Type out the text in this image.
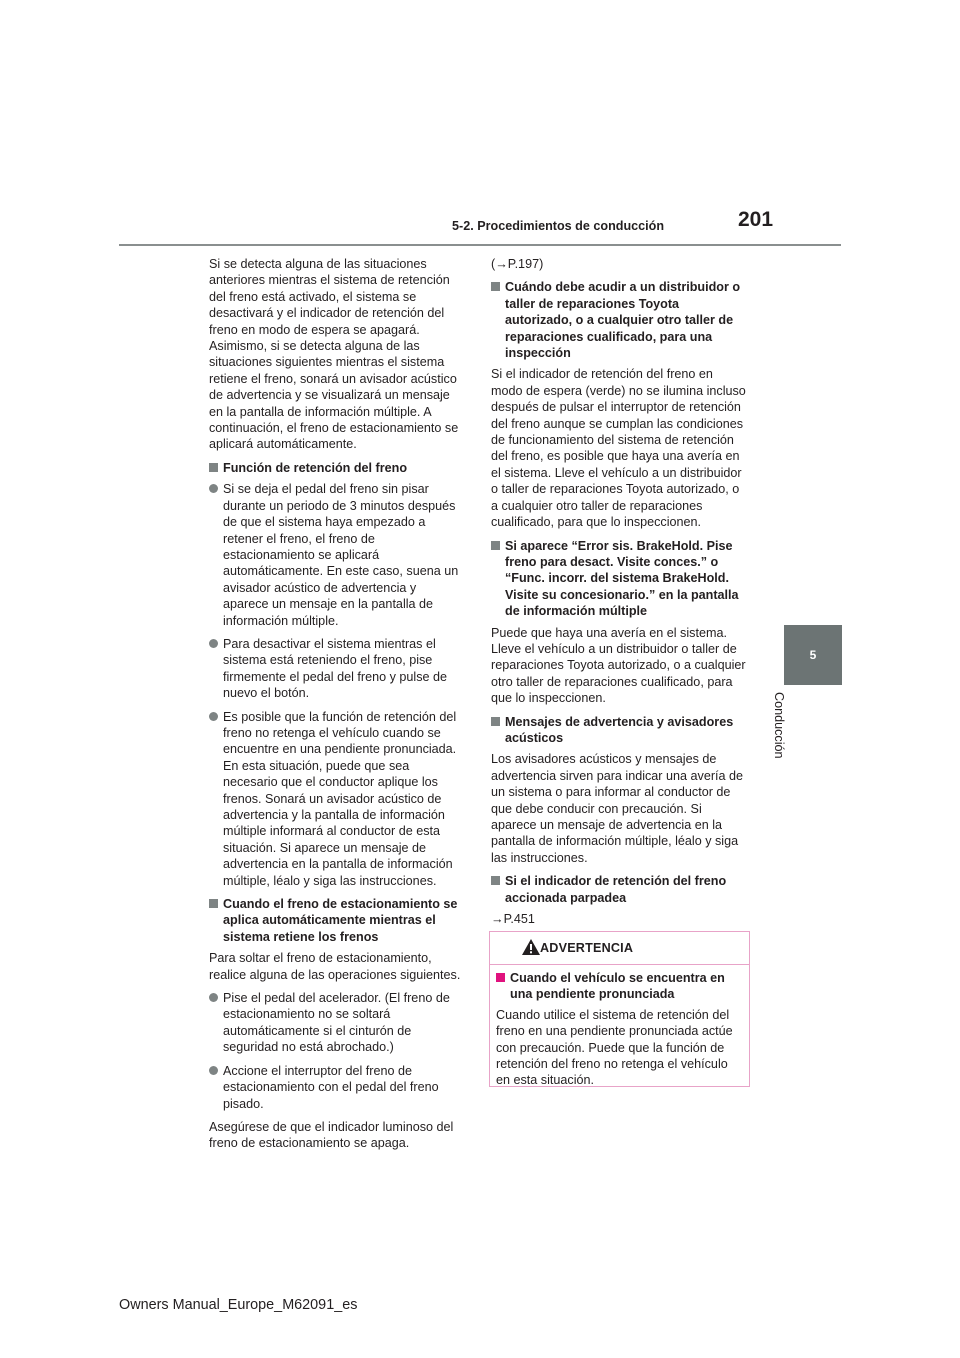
5-2. Procedimientos de conducción	201
5
Conducción

Si se detecta alguna de las situaciones anteriores mientras el sistema de retención del freno está activado, el sistema se desactivará y el indicador de retención del freno en modo de espera se apagará. Asimismo, si se detecta alguna de las situaciones siguientes mientras el sistema retiene el freno, sonará un avisador acústico de advertencia y se visualizará un mensaje en la pantalla de información múltiple. A continuación, el freno de estacionamiento se aplicará automáticamente.

Función de retención del freno
Si se deja el pedal del freno sin pisar durante un periodo de 3 minutos después de que el sistema haya empezado a retener el freno, el freno de estacionamiento se aplicará automáticamente. En este caso, suena un avisador acústico de advertencia y aparece un mensaje en la pantalla de información múltiple.
Para desactivar el sistema mientras el sistema está reteniendo el freno, pise firmemente el pedal del freno y pulse de nuevo el botón.
Es posible que la función de retención del freno no retenga el vehículo cuando se encuentre en una pendiente pronunciada. En esta situación, puede que sea necesario que el conductor aplique los frenos. Sonará un avisador acústico de advertencia y la pantalla de información múltiple informará al conductor de esta situación. Si aparece un mensaje de advertencia en la pantalla de información múltiple, léalo y siga las instrucciones.
Cuando el freno de estacionamiento se aplica automáticamente mientras el sistema retiene los frenos

Para soltar el freno de estacionamiento, realice alguna de las operaciones siguientes.

Pise el pedal del acelerador. (El freno de estacionamiento no se soltará automáticamente si el cinturón de seguridad no está abrochado.)
Accione el interruptor del freno de estacionamiento con el pedal del freno pisado.

Asegúrese de que el indicador luminoso del freno de estacionamiento se apaga.

(→P.197)

Cuándo debe acudir a un distribuidor o taller de reparaciones Toyota autorizado, o a cualquier otro taller de reparaciones cualificado, para una inspección

Si el indicador de retención del freno en modo de espera (verde) no se ilumina incluso después de pulsar el interruptor de retención del freno aunque se cumplan las condiciones de funcionamiento del sistema de retención del freno, es posible que haya una avería en el sistema. Lleve el vehículo a un distribuidor o taller de reparaciones Toyota autorizado, o a cualquier otro taller de reparaciones cualificado, para que lo inspeccionen.

Si aparece “Error sis. BrakeHold. Pise freno para desact. Visite conces.” o “Func. incorr. del sistema BrakeHold. Visite su concesionario.” en la pantalla de información múltiple

Puede que haya una avería en el sistema. Lleve el vehículo a un distribuidor o taller de reparaciones Toyota autorizado, o a cualquier otro taller de reparaciones cualificado, para que lo inspeccionen.

Mensajes de advertencia y avisadores acústicos

Los avisadores acústicos y mensajes de advertencia sirven para indicar una avería de un sistema o para informar al conductor de que debe conducir con precaución. Si aparece un mensaje de advertencia en la pantalla de información múltiple, léalo y siga las instrucciones.

Si el indicador de retención del freno accionada parpadea

→P.451

ADVERTENCIA
Cuando el vehículo se encuentra en una pendiente pronunciada

Cuando utilice el sistema de retención del freno en una pendiente pronunciada actúe con precaución. Puede que la función de retención del freno no retenga el vehículo en esta situación.

Owners Manual_Europe_M62091_es
